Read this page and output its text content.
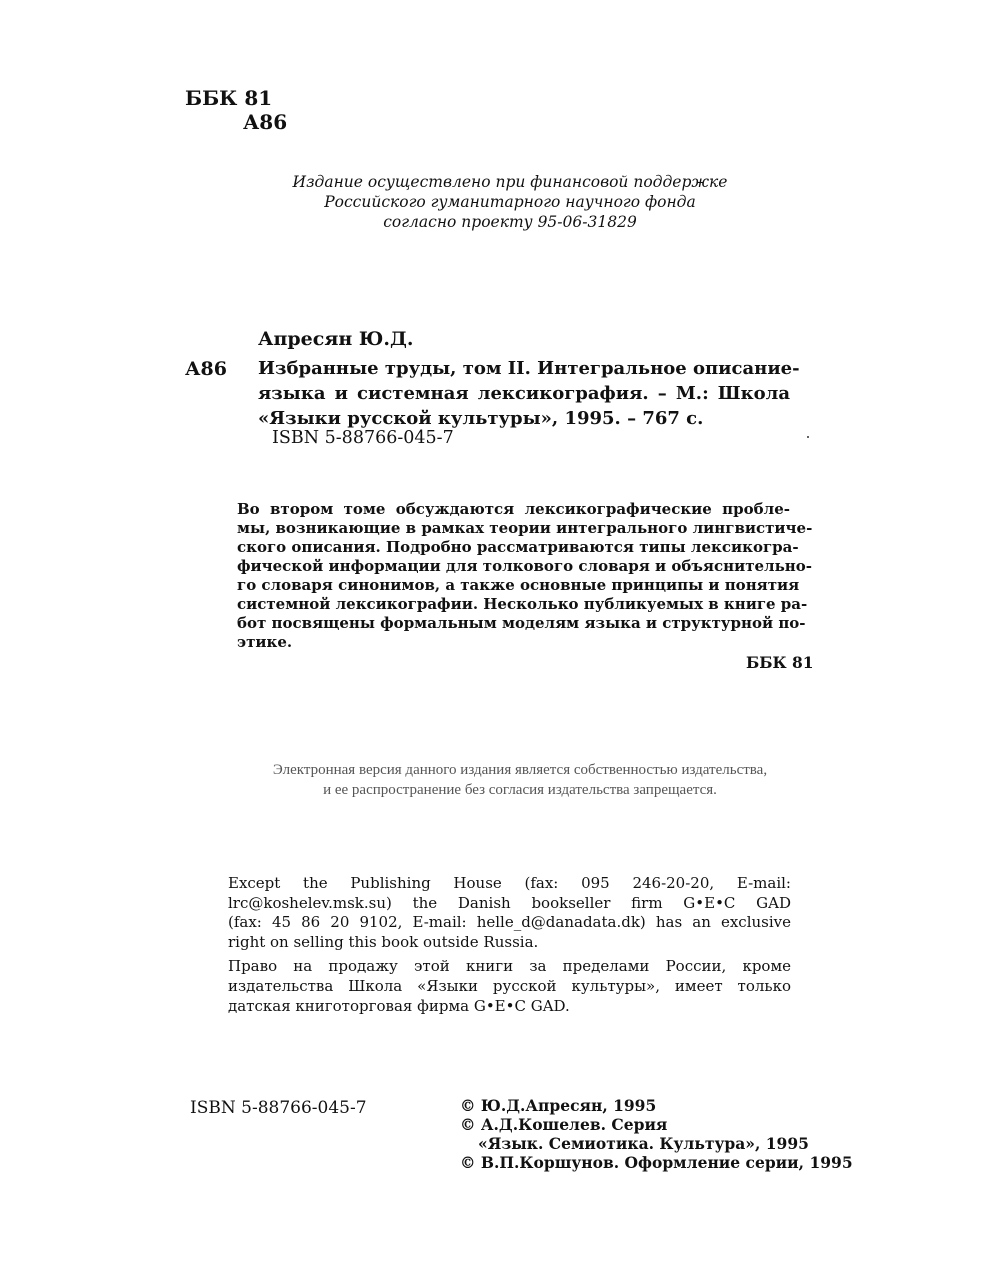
ББК 81
А86
Издание осуществлено при финансовой поддержке
Российского гуманитарного научного фонда
согласно проекту 95-06-31829
Апресян Ю.Д.
А86 Избранные труды, том II. Интегральное описание-
языка и системная лексикография. – М.: Школа
«Языки русской культуры», 1995. – 767 с.
ISBN 5-88766-045-7
Во втором томе обсуждаются лексикографические пробле-
мы, возникающие в рамках теории интегрального лингвистиче-
ского описания. Подробно рассматриваются типы лексикогра-
фической информации для толкового словаря и объяснительно-
го словаря синонимов, а также основные принципы и понятия
системной лексикографии. Несколько публикуемых в книге ра-
бот посвящены формальным моделям языка и структурной по-
этике.
ББК 81
Электронная версия данного издания является собственностью издательства,
и ее распространение без согласия издательства запрещается.
Except the Publishing House (fax: 095 246-20-20, E-mail:
lrc@koshelev.msk.su) the Danish bookseller firm G•E•C GAD
(fax: 45 86 20 9102, E-mail: helle_d@danadata.dk) has an exclusive
right on selling this book outside Russia.
Право на продажу этой книги за пределами России, кроме
издательства Школа «Языки русской культуры», имеет только
датская книготорговая фирма G•E•C GAD.
ISBN 5-88766-045-7	© Ю.Д.Апресян, 1995
© А.Д.Кошелев. Серия
«Язык. Семиотика. Культура», 1995
© В.П.Коршунов. Оформление серии, 1995
